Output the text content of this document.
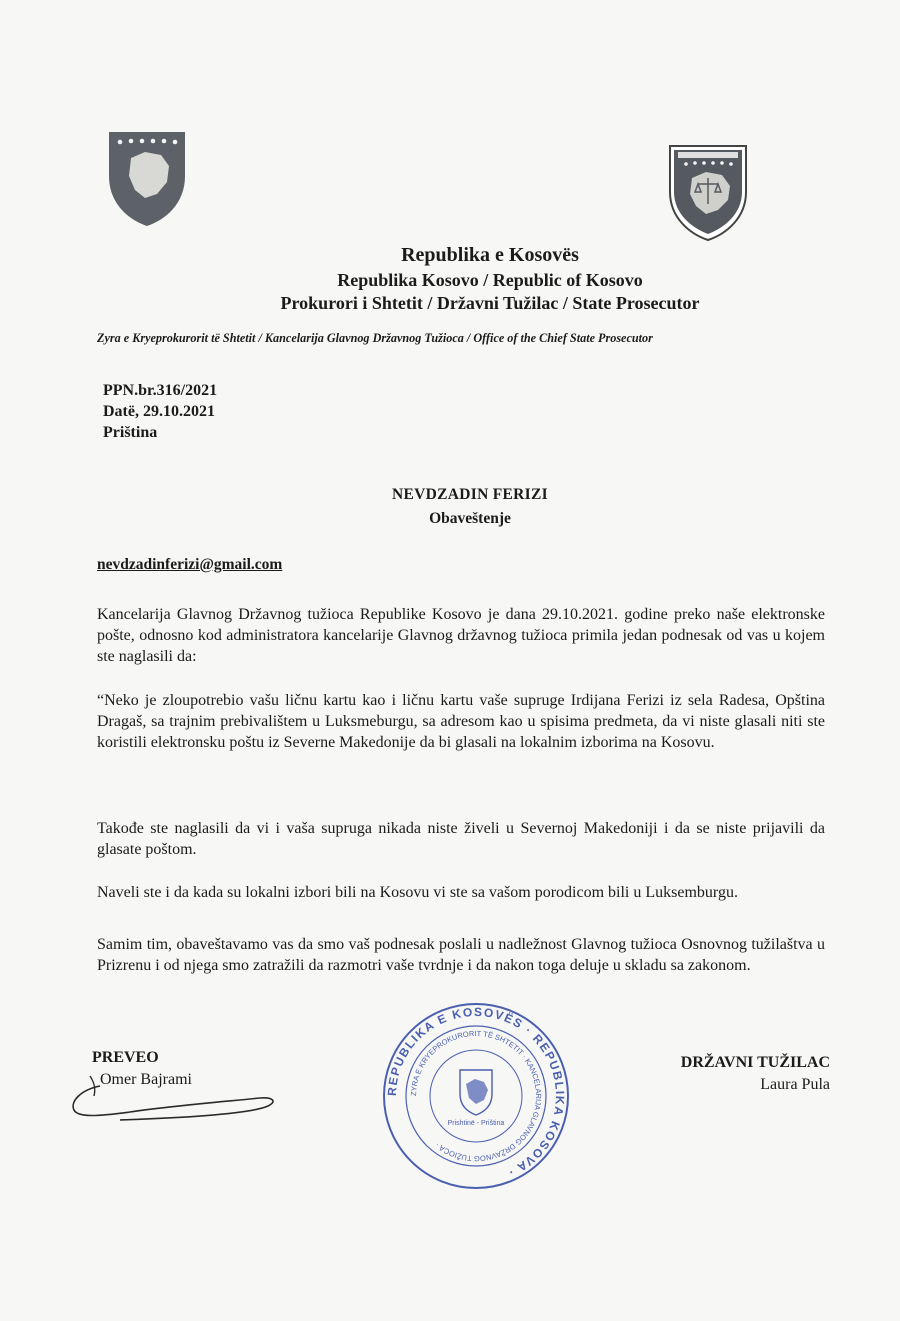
Republika e Kosovës
Republika Kosovo / Republic of Kosovo
Prokurori i Shtetit / Državni Tužilac / State Prosecutor
Zyra e Kryeprokurorit të Shtetit / Kancelarija Glavnog Državnog Tužioca / Office of the Chief State Prosecutor
PPN.br.316/2021
Datë, 29.10.2021
Priština
NEVDZADIN FERIZI
Obaveštenje
nevdzadinferizi@gmail.com
Kancelarija Glavnog Državnog tužioca Republike Kosovo je dana 29.10.2021. godine preko naše elektronske pošte, odnosno kod administratora kancelarije Glavnog državnog tužioca primila jedan podnesak od vas u kojem ste naglasili da:
“Neko je zloupotrebio vašu ličnu kartu kao i ličnu kartu vaše supruge Irdijana Ferizi iz sela Radesa, Opština Dragaš, sa trajnim prebivalištem u Luksmeburgu, sa adresom kao u spisima predmeta, da vi niste glasali niti ste koristili elektronsku poštu iz Severne Makedonije da bi glasali na lokalnim izborima na Kosovu.
Takođe ste naglasili da vi i vaša supruga nikada niste živeli u Severnoj Makedoniji i da se niste prijavili da glasate poštom.
Naveli ste i da kada su lokalni izbori bili na Kosovu vi ste sa vašom porodicom bili u Luksemburgu.
Samim tim, obaveštavamo vas da smo vaš podnesak poslali u nadležnost Glavnog tužioca Osnovnog tužilaštva u Prizrenu i od njega smo zatražili da razmotri vaše tvrdnje i da nakon toga deluje u skladu sa zakonom.
PREVEO
Omer Bajrami
REPUBLIKA E KOSOVËS · REPUBLIKA KOSOVA ·
ZYRA E KRYEPROKURORIT TË SHTETIT · KANCELARIJA GLAVNOG DRŽAVNOG TUŽIOCA ·
Prishtinë - Priština
DRŽAVNI TUŽILAC
Laura Pula
